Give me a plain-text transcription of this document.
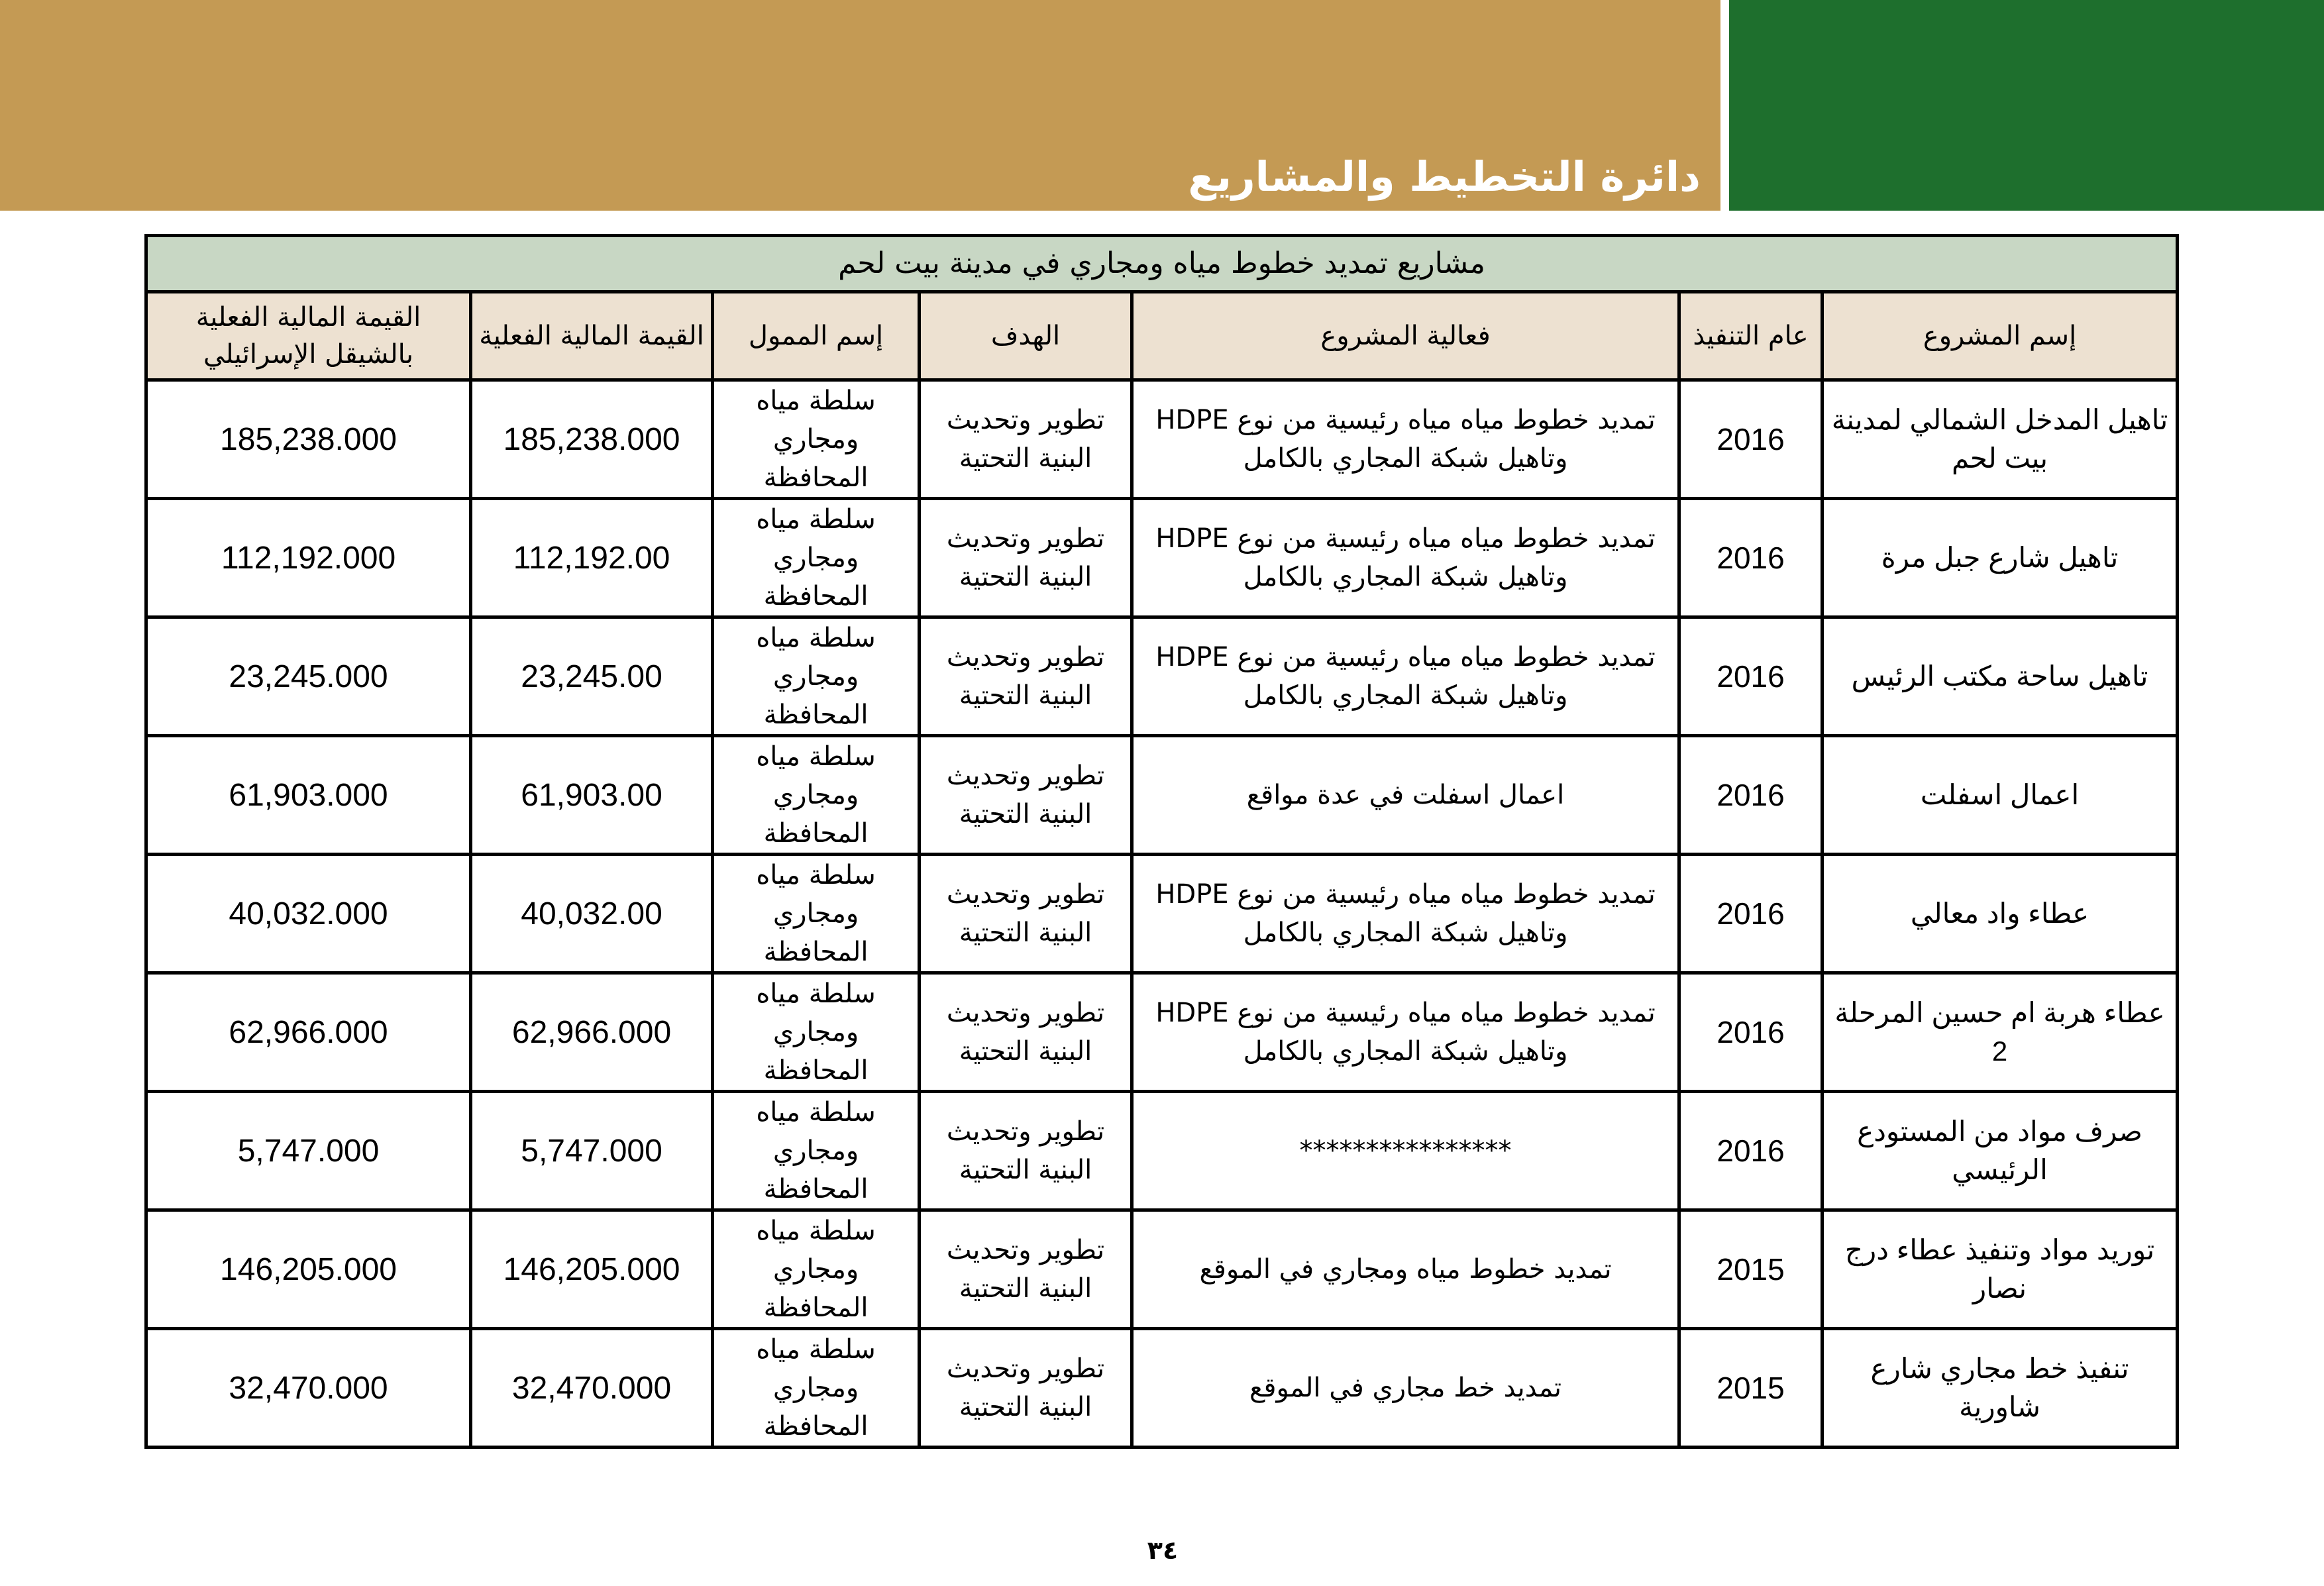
دائرة التخطيط والمشاريع
مشاريع تمديد خطوط مياه ومجاري في مدينة بيت لحم						
إسم المشروع	عام التنفيذ	فعالية المشروع	الهدف	إسم الممول	القيمة المالية الفعلية	القيمة المالية الفعلية بالشيقل الإسرائيلي
تاهيل المدخل الشمالي لمدينة بيت لحم	2016	تمديد خطوط مياه مياه رئيسية من نوع HDPE وتاهيل شبكة المجاري بالكامل	تطوير وتحديث البنية التحتية	سلطة مياه ومجاري المحافظة	185,238.000	185,238.000
تاهيل شارع جبل مرة	2016	تمديد خطوط مياه مياه رئيسية من نوع HDPE وتاهيل شبكة المجاري بالكامل	تطوير وتحديث البنية التحتية	سلطة مياه ومجاري المحافظة	112,192.00	112,192.000
تاهيل ساحة مكتب الرئيس	2016	تمديد خطوط مياه مياه رئيسية من نوع HDPE وتاهيل شبكة المجاري بالكامل	تطوير وتحديث البنية التحتية	سلطة مياه ومجاري المحافظة	23,245.00	23,245.000
اعمال اسفلت	2016	اعمال اسفلت في عدة مواقع	تطوير وتحديث البنية التحتية	سلطة مياه ومجاري المحافظة	61,903.00	61,903.000
عطاء واد معالي	2016	تمديد خطوط مياه مياه رئيسية من نوع HDPE وتاهيل شبكة المجاري بالكامل	تطوير وتحديث البنية التحتية	سلطة مياه ومجاري المحافظة	40,032.00	40,032.000
عطاء هربة ام حسين المرحلة 2	2016	تمديد خطوط مياه مياه رئيسية من نوع HDPE وتاهيل شبكة المجاري بالكامل	تطوير وتحديث البنية التحتية	سلطة مياه ومجاري المحافظة	62,966.000	62,966.000
صرف مواد من المستودع الرئيسي	2016	****************	تطوير وتحديث البنية التحتية	سلطة مياه ومجاري المحافظة	5,747.000	5,747.000
توريد مواد وتنفيذ عطاء درج نصار	2015	تمديد خطوط مياه ومجاري في الموقع	تطوير وتحديث البنية التحتية	سلطة مياه ومجاري المحافظة	146,205.000	146,205.000
تنفيذ خط مجاري شارع شاورية	2015	تمديد خط مجاري في الموقع	تطوير وتحديث البنية التحتية	سلطة مياه ومجاري المحافظة	32,470.000	32,470.000
٣٤
